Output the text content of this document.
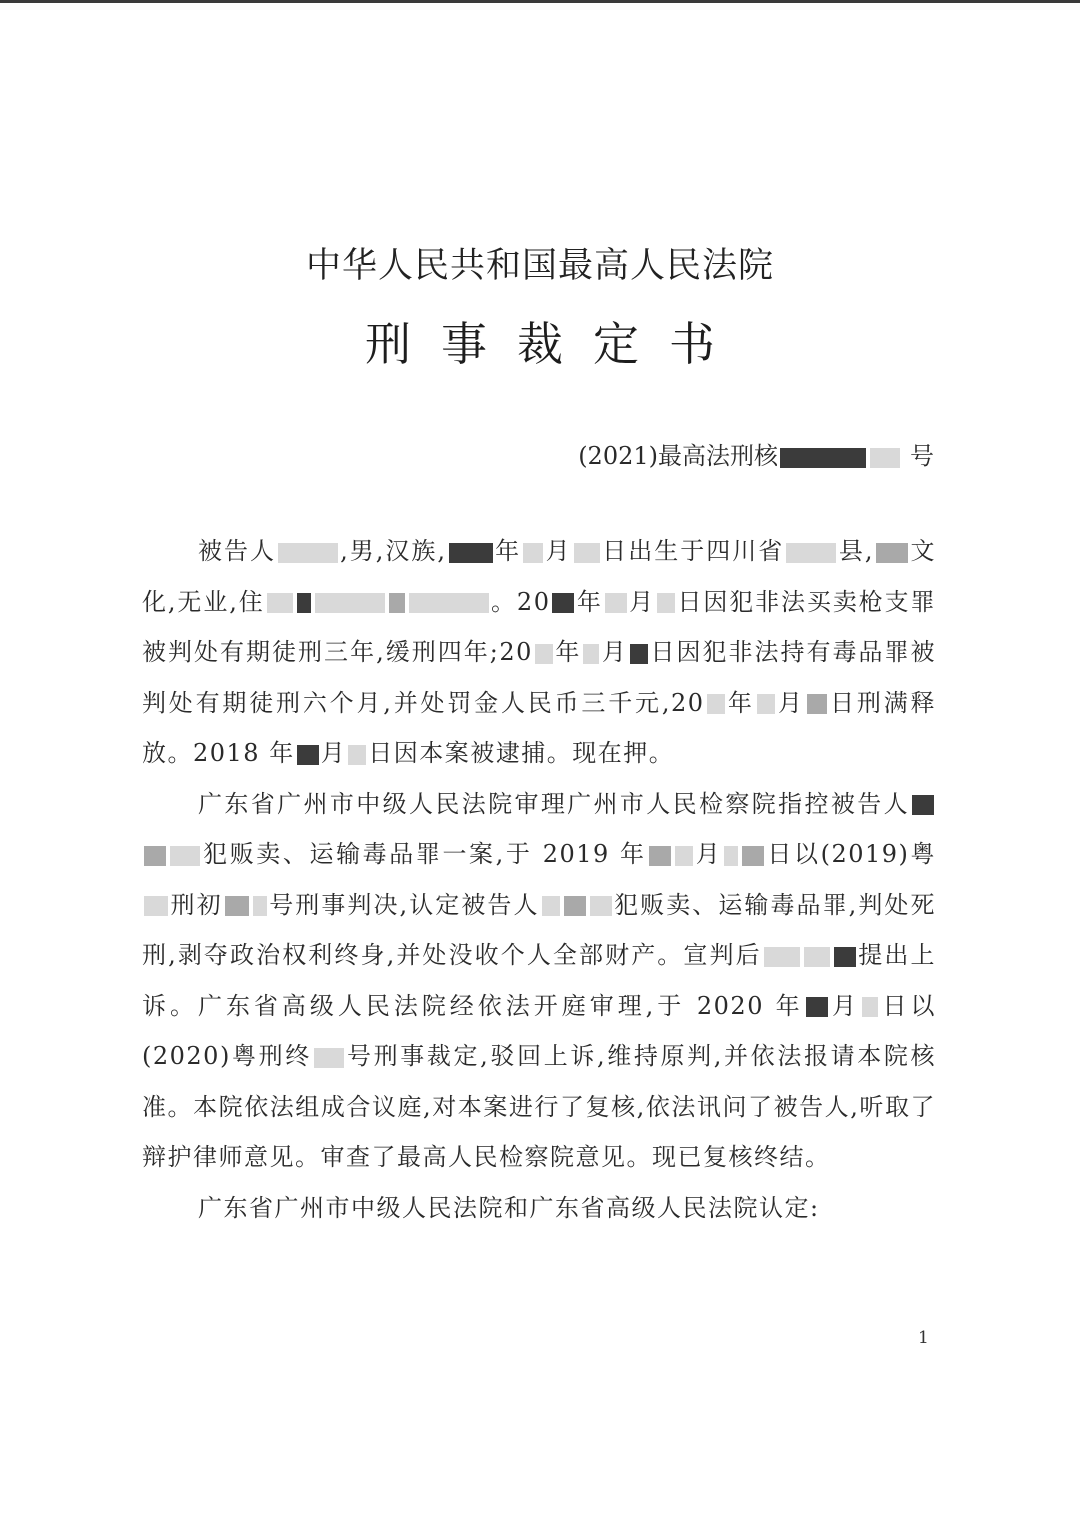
中华人民共和国最高人民法院
刑事裁定书
(2021)最高法刑核	号

被告人	,男,汉族, 年 月 日出生于四川省 县, 文化,无业,住	。20 年 月 日因犯非法买卖枪支罪被判处有期徒刑三年,缓刑四年;20 年 月 日因犯非法持有毒品罪被判处有期徒刑六个月,并处罚金人民币三千元,20 年 月 日刑满释放。2018 年 月 日因本案被逮捕。现在押。

广东省广州市中级人民法院审理广州市人民检察院指控被告人犯贩卖、运输毒品罪一案,于 2019 年 月 日以(2019)粤刑初 号刑事判决,认定被告人	犯贩卖、运输毒品罪,判处死刑,剥夺政治权利终身,并处没收个人全部财产。宣判后	提出上诉。广东省高级人民法院经依法开庭审理,于 2020 年 月 日以(2020)粤刑终 号刑事裁定,驳回上诉,维持原判,并依法报请本院核准。本院依法组成合议庭,对本案进行了复核,依法讯问了被告人,听取了辩护律师意见。审查了最高人民检察院意见。现已复核终结。

广东省广州市中级人民法院和广东省高级人民法院认定:

1
